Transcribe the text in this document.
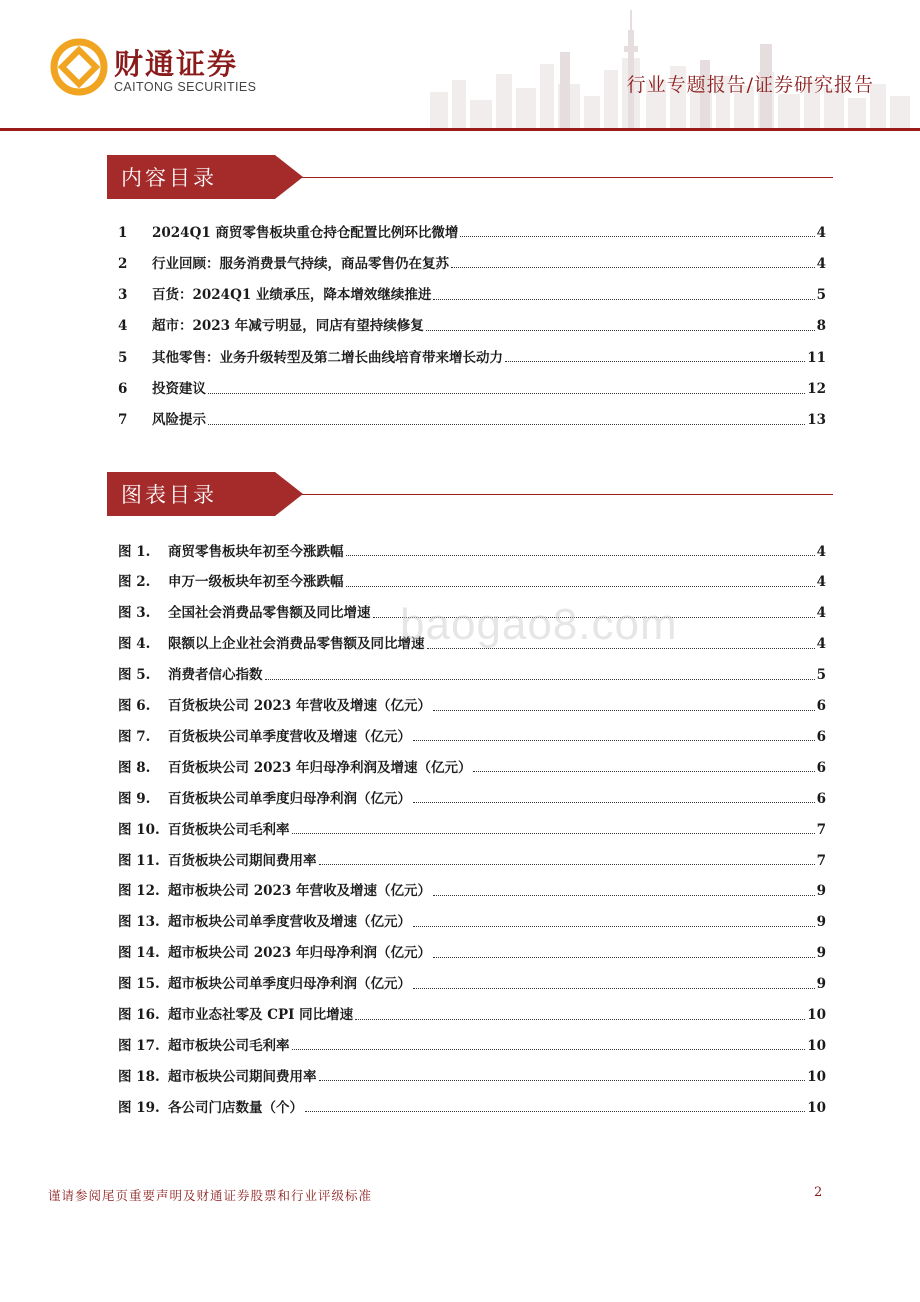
财通证券
CAITONG SECURITIES	行业专题报告/证券研究报告
内容目录
1	2024Q1 商贸零售板块重仓持仓配置比例环比微增	4
2	行业回顾：服务消费景气持续，商品零售仍在复苏	4
3	百货：2024Q1 业绩承压，降本增效继续推进	5
4	超市：2023 年减亏明显，同店有望持续修复	8
5	其他零售：业务升级转型及第二增长曲线培育带来增长动力	11
6	投资建议	12
7	风险提示	13
图表目录
图 1.	商贸零售板块年初至今涨跌幅	4
图 2.	申万一级板块年初至今涨跌幅	4
图 3.	全国社会消费品零售额及同比增速	4
图 4.	限额以上企业社会消费品零售额及同比增速	4
图 5.	消费者信心指数	5
图 6.	百货板块公司 2023 年营收及增速（亿元）	6
图 7.	百货板块公司单季度营收及增速（亿元）	6
图 8.	百货板块公司 2023 年归母净利润及增速（亿元）	6
图 9.	百货板块公司单季度归母净利润（亿元）	6
图 10. 百货板块公司毛利率	7
图 11. 百货板块公司期间费用率	7
图 12. 超市板块公司 2023 年营收及增速（亿元）	9
图 13. 超市板块公司单季度营收及增速（亿元）	9
图 14. 超市板块公司 2023 年归母净利润（亿元）	9
图 15. 超市板块公司单季度归母净利润（亿元）	9
图 16. 超市业态社零及 CPI 同比增速	10
图 17. 超市板块公司毛利率	10
图 18. 超市板块公司期间费用率	10
图 19. 各公司门店数量（个）	10
baogao8.com
谨请参阅尾页重要声明及财通证券股票和行业评级标准	2
